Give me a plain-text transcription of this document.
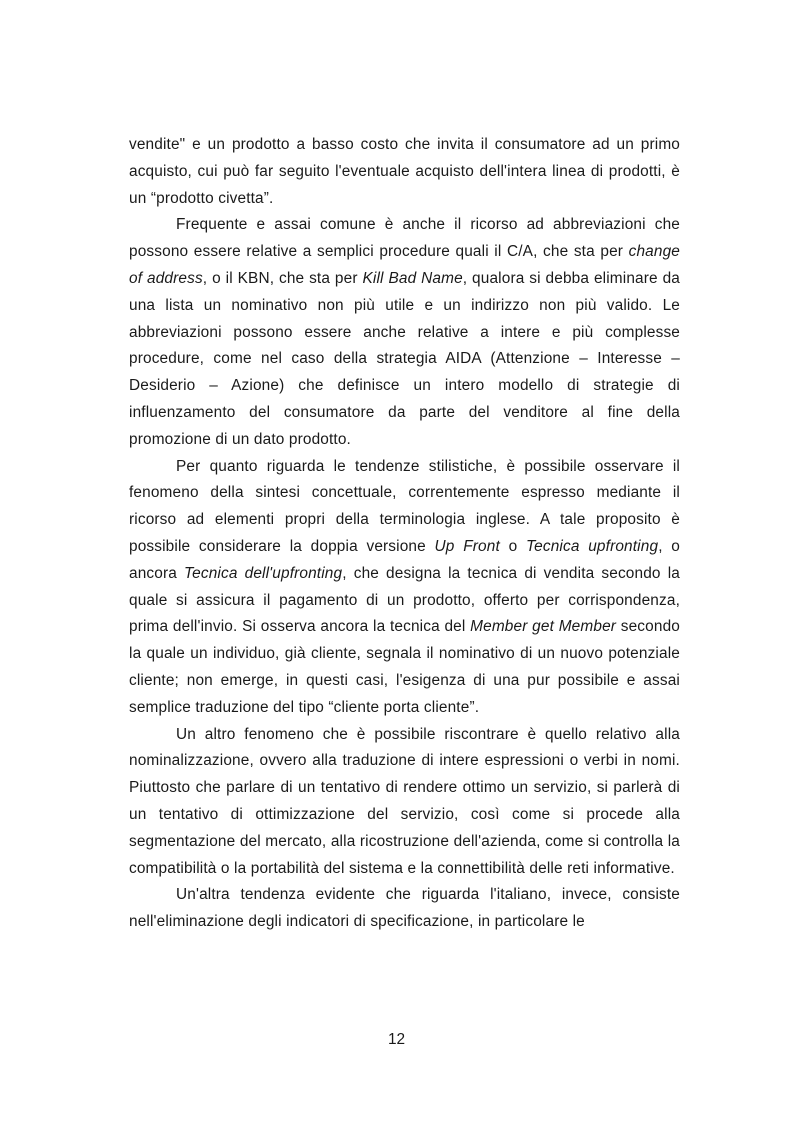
vendite" e un prodotto a basso costo che invita il consumatore ad un primo acquisto, cui può far seguito l'eventuale acquisto dell'intera linea di prodotti, è un “prodotto civetta”.

Frequente e assai comune è anche il ricorso ad abbreviazioni che possono essere relative a semplici procedure quali il C/A, che sta per change of address, o il KBN, che sta per Kill Bad Name, qualora si debba eliminare da una lista un nominativo non più utile e un indirizzo non più valido. Le abbreviazioni possono essere anche relative a intere e più complesse procedure, come nel caso della strategia AIDA (Attenzione – Interesse – Desiderio – Azione) che definisce un intero modello di strategie di influenzamento del consumatore da parte del venditore al fine della promozione di un dato prodotto.

Per quanto riguarda le tendenze stilistiche, è possibile osservare il fenomeno della sintesi concettuale, correntemente espresso mediante il ricorso ad elementi propri della terminologia inglese. A tale proposito è possibile considerare la doppia versione Up Front o Tecnica upfronting, o ancora Tecnica dell'upfronting, che designa la tecnica di vendita secondo la quale si assicura il pagamento di un prodotto, offerto per corrispondenza, prima dell'invio. Si osserva ancora la tecnica del Member get Member secondo la quale un individuo, già cliente, segnala il nominativo di un nuovo potenziale cliente; non emerge, in questi casi, l'esigenza di una pur possibile e assai semplice traduzione del tipo “cliente porta cliente”.

Un altro fenomeno che è possibile riscontrare è quello relativo alla nominalizzazione, ovvero alla traduzione di intere espressioni o verbi in nomi. Piuttosto che parlare di un tentativo di rendere ottimo un servizio, si parlerà di un tentativo di ottimizzazione del servizio, così come si procede alla segmentazione del mercato, alla ricostruzione dell'azienda, come si controlla la compatibilità o la portabilità del sistema e la connettibilità delle reti informative.

Un'altra tendenza evidente che riguarda l'italiano, invece, consiste nell'eliminazione degli indicatori di specificazione, in particolare le

12
